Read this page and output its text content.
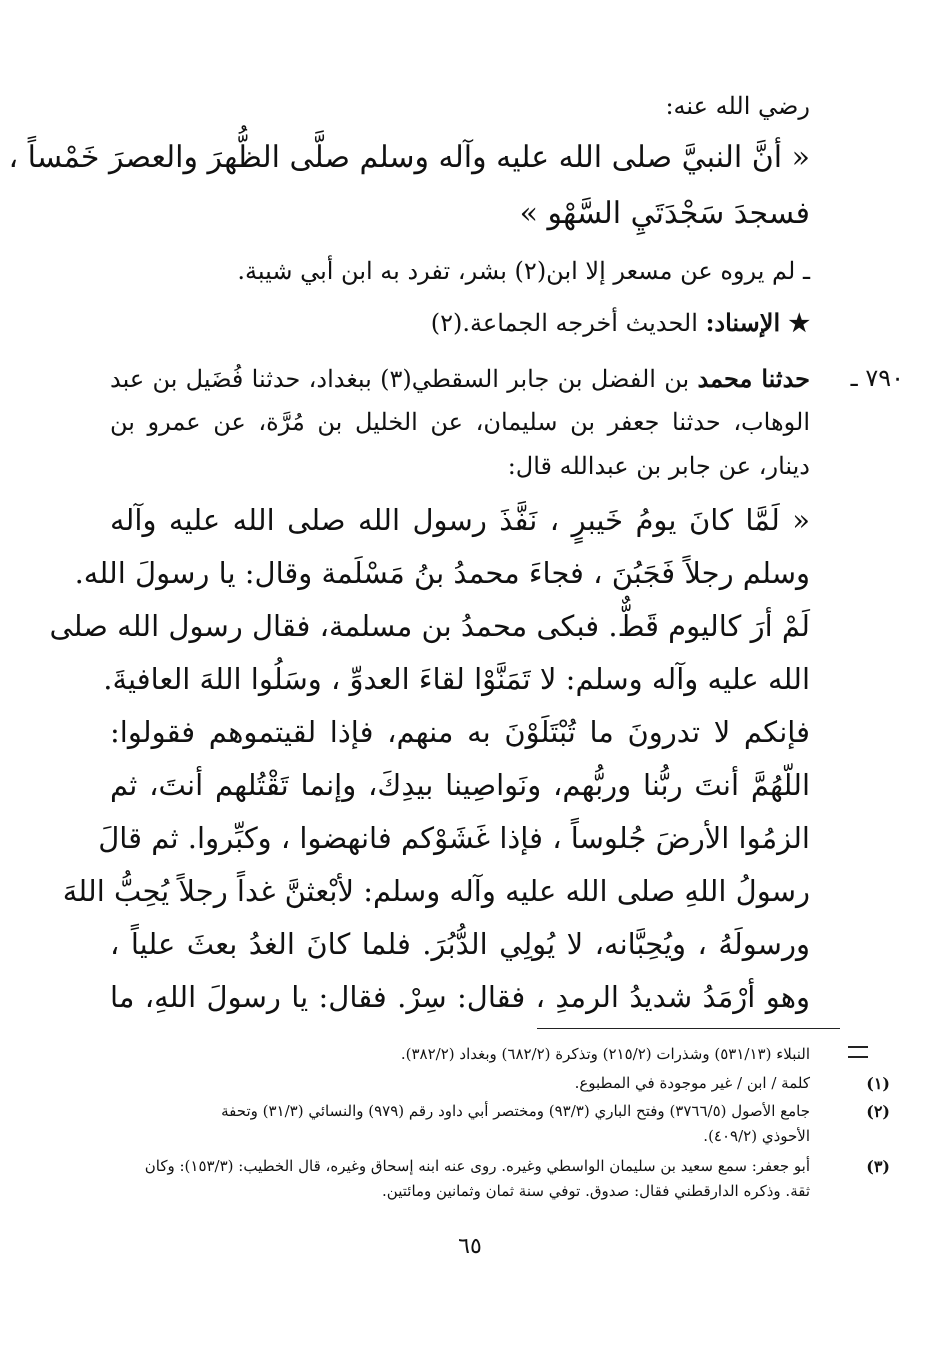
رضي الله عنه:
« أنَّ النبيَّ صلى الله عليه وآله وسلم صلَّى الظُّهرَ والعصرَ خَمْساً ،
فسجدَ سَجْدَتَيِ السَّهْو »
ـ لم يروه عن مسعر إلا ابن(٢) بشر، تفرد به ابن أبي شيبة.
★ الإسناد: الحديث أخرجه الجماعة.(٢)
٧٩٠ ـ
حدثنا محمد بن الفضل بن جابر السقطي(٣) ببغداد، حدثنا فُضَيل بن عبد
الوهاب، حدثنا جعفر بن سليمان، عن الخليل بن مُرَّة، عن عمرو بن
دينار، عن جابر بن عبدالله قال:
« لَمَّا كانَ يومُ خَيبرٍ ، نَفَّذَ رسول الله صلى الله عليه وآله
وسلم رجلاً فَجَبُنَ ، فجاءَ محمدُ بنُ مَسْلَمة وقال: يا رسولَ الله.
لَمْ أرَ كاليوم قَطٌّ. فبكى محمدُ بن مسلمة، فقال رسول الله صلى
الله عليه وآله وسلم: لا تَمَنَّوْا لقاءَ العدوِّ ، وسَلُوا اللهَ العافيةَ.
فإنكم لا تدرونَ ما تُبْتَلَوْنَ به منهم، فإذا لقيتموهم فقولوا:
اللّهُمَّ أنتَ ربُّنا وربُّهم، ونَواصِينا بيدِكَ، وإنما تَقْتُلهم أنتَ، ثم
الزمُوا الأرضَ جُلوساً ، فإذا غَشَوْكم فانهضوا ، وكبِّروا. ثم قالَ
رسولُ اللهِ صلى الله عليه وآله وسلم: لأبْعثنَّ غداً رجلاً يُحِبُّ اللهَ
ورسولَهُ ، ويُحِبَّانه، لا يُولِي الدُّبُرَ. فلما كانَ الغدُ بعثَ علياً ،
وهو أرْمَدُ شديدُ الرمدِ ، فقال: سِرْ. فقال: يا رسولَ اللهِ، ما
النبلاء (٥٣١/١٣) وشذرات (٢١٥/٢) وتذكرة (٦٨٢/٢) وبغداد (٣٨٢/٢).
(١)
كلمة / ابن / غير موجودة في المطبوع.
(٢)
جامع الأصول (٣٧٦٦/٥) وفتح الباري (٩٣/٣) ومختصر أبي داود رقم (٩٧٩) والنسائي (٣١/٣) وتحفة
الأحوذي (٤٠٩/٢).
(٣)
أبو جعفر: سمع سعيد بن سليمان الواسطي وغيره. روى عنه ابنه إسحاق وغيره، قال الخطيب: (١٥٣/٣): وكان
ثقة. وذكره الدارقطني فقال: صدوق. توفي سنة ثمان وثمانين ومائتين.
٦٥
